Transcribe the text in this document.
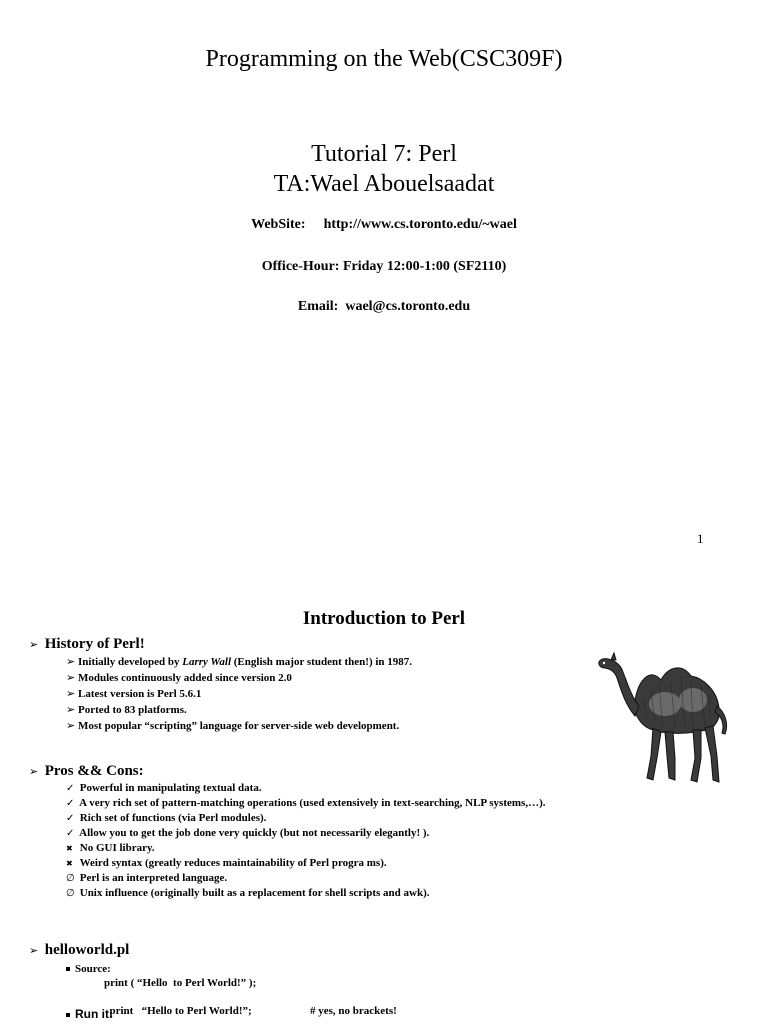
Programming on the Web(CSC309F)
Tutorial 7: Perl
TA:Wael Abouelsaadat
WebSite: http://www.cs.toronto.edu/~wael
Office-Hour: Friday 12:00-1:00 (SF2110)
Email: wael@cs.toronto.edu
1
Introduction to Perl
➢ History of Perl!
➢ Initially developed by Larry Wall (English major student then!) in 1987.
➢ Modules continuously added since version 2.0
➢ Latest version is Perl 5.6.1
➢ Ported to 83 platforms.
➢ Most popular “scripting” language for server-side web development.
➢ Pros && Cons:
✓ Powerful in manipulating textual data.
✓ A very rich set of pattern-matching operations (used extensively in text-searching, NLP systems,…).
✓ Rich set of functions (via Perl modules).
✓ Allow you to get the job done very quickly (but not necessarily elegantly! ).
✖ No GUI library.
✖ Weird syntax (greatly reduces maintainability of Perl progra ms).
∅ Perl is an interpreted language.
∅ Unix influence (originally built as a replacement for shell scripts and awk).
➢ helloworld.pl
Source:
print ( “Hello  to Perl World!” );

print   “Hello to Perl World!”;	# yes, no brackets!

Run it:
